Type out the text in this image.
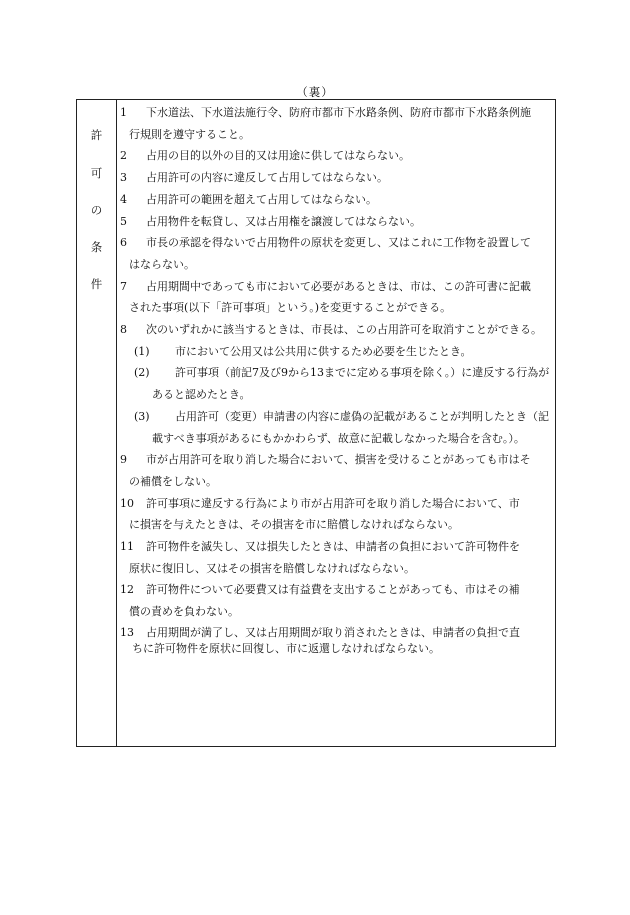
（裏）
許
可
の
条
件
1　 下水道法、下水道法施行令、防府市都市下水路条例、防府市都市下水路条例施
行規則を遵守すること。
2　 占用の目的以外の目的又は用途に供してはならない。
3　 占用許可の内容に違反して占用してはならない。
4　 占用許可の範囲を超えて占用してはならない。
5　 占用物件を転貸し、又は占用権を譲渡してはならない。
6　 市長の承認を得ないで占用物件の原状を変更し、又はこれに工作物を設置して
はならない。
7　 占用期間中であっても市において必要があるときは、市は、この許可書に記載
された事項(以下「許可事項」という。)を変更することができる。
8　 次のいずれかに該当するときは、市長は、この占用許可を取消すことができる。
(1)　 市において公用又は公共用に供するため必要を生じたとき。
(2)　 許可事項（前記7及び9から13までに定める事項を除く。）に違反する行為が
あると認めたとき。
(3)　 占用許可（変更）申請書の内容に虚偽の記載があることが判明したとき（記
載すべき事項があるにもかかわらず、故意に記載しなかった場合を含む。）。
9　 市が占用許可を取り消した場合において、損害を受けることがあっても市はそ
の補償をしない。
10　 許可事項に違反する行為により市が占用許可を取り消した場合において、市
に損害を与えたときは、その損害を市に賠償しなければならない。
11　 許可物件を滅失し、又は損失したときは、申請者の負担において許可物件を
原状に復旧し、又はその損害を賠償しなければならない。
12　 許可物件について必要費又は有益費を支出することがあっても、市はその補
償の責めを負わない。
13　 占用期間が満了し、又は占用期間が取り消されたときは、申請者の負担で直
ちに許可物件を原状に回復し、市に返還しなければならない。
